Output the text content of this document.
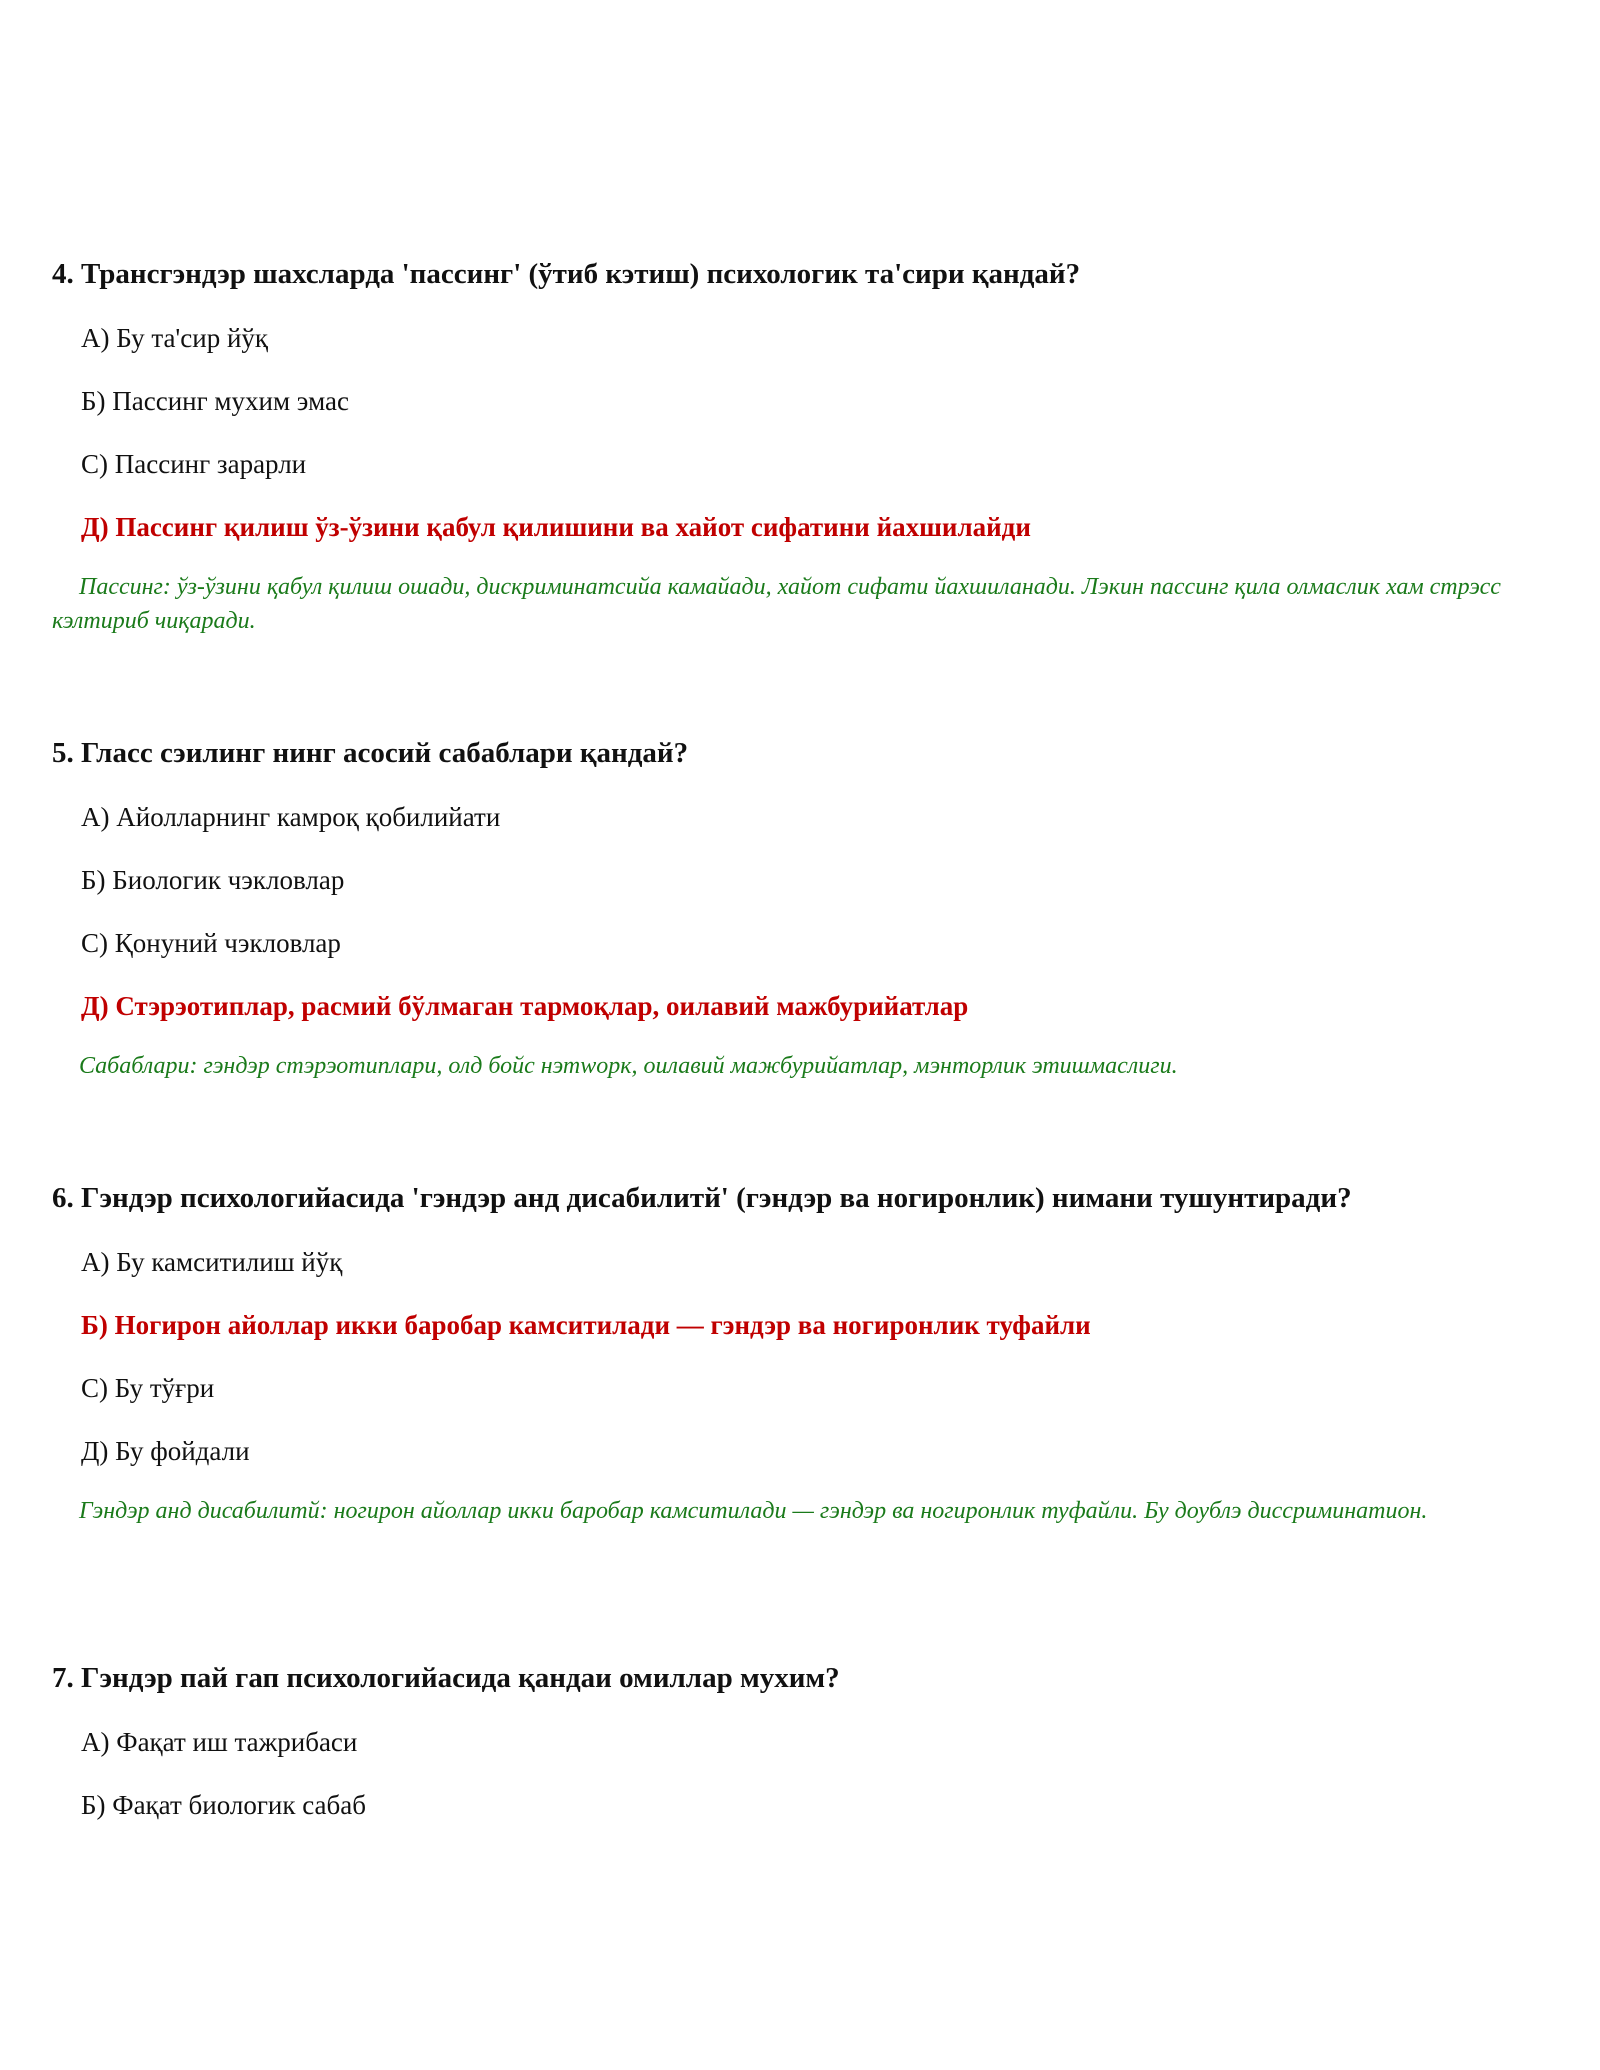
4. Трансгэндэр шахсларда 'пассинг' (ўтиб кэтиш) психологик та'сири қандай?

А) Бу та'сир йўқ

Б) Пассинг мухим эмас

С) Пассинг зарарли

Д) Пассинг қилиш ўз-ўзини қабул қилишини ва хайот сифатини йахшилайди

Пассинг: ўз-ўзини қабул қилиш ошади, дискриминатсийа камайади, хайот сифати йахшиланади. Лэкин пассинг қила олмаслик хам стрэсс кэлтириб чиқаради.

5. Гласс сэилинг нинг асосий сабаблари қандай?

А) Айолларнинг камроқ қобилийати

Б) Биологик чэкловлар

С) Қонуний чэкловлар

Д) Стэрэотиплар, расмий бўлмаган тармоқлар, оилавий мажбурийатлар

Сабаблари: гэндэр стэрэотиплари, олд бойс нэтwорк, оилавий мажбурийатлар, мэнторлик этишмаслиги.

6. Гэндэр психологийасида 'гэндэр анд дисабилитй' (гэндэр ва ногиронлик) нимани тушунтиради?

А) Бу камситилиш йўқ

Б) Ногирон айоллар икки баробар камситилади — гэндэр ва ногиронлик туфайли

С) Бу тўғри

Д) Бу фойдали

Гэндэр анд дисабилитй: ногирон айоллар икки баробар камситилади — гэндэр ва ногиронлик туфайли. Бу доублэ дисcриминатион.

7. Гэндэр пай гап психологийасида қандаи омиллар мухим?

А) Фақат иш тажрибаси

Б) Фақат биологик сабаб
